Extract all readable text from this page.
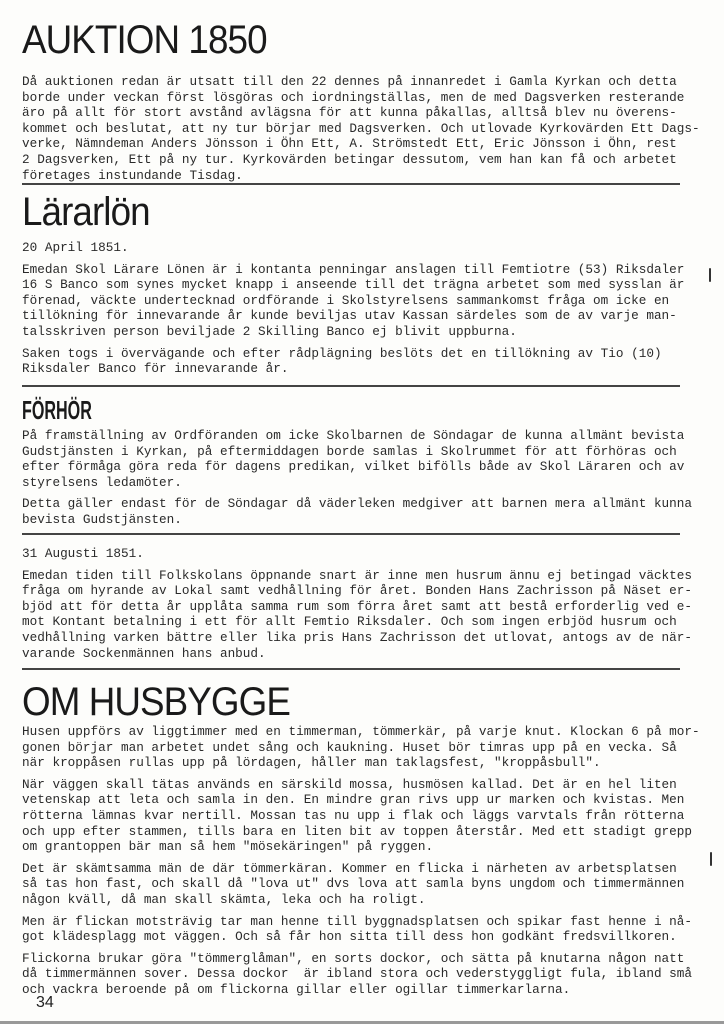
AUKTION 1850
Då auktionen redan är utsatt till den 22 dennes på innanredet i Gamla Kyrkan och detta
borde under veckan först lösgöras och iordningställas, men de med Dagsverken resterande
äro på allt för stort avstånd avlägsna för att kunna påkallas, alltså blev nu överens-
kommet och beslutat, att ny tur börjar med Dagsverken. Och utlovade Kyrkovärden Ett Dags-
verke, Nämndeman Anders Jönsson i Öhn Ett, A. Strömstedt Ett, Eric Jönsson i Öhn, rest
2 Dagsverken, Ett på ny tur. Kyrkovärden betingar dessutom, vem han kan få och arbetet
företages instundande Tisdag.
Lärarlön
20 April 1851.
Emedan Skol Lärare Lönen är i kontanta penningar anslagen till Femtiotre (53) Riksdaler
16 S Banco som synes mycket knapp i anseende till det trägna arbetet som med sysslan är
förenad, väckte undertecknad ordförande i Skolstyrelsens sammankomst fråga om icke en
tillökning för innevarande år kunde beviljas utav Kassan särdeles som de av varje man-
talsskriven person beviljade 2 Skilling Banco ej blivit uppburna.
Saken togs i övervägande och efter rådplägning beslöts det en tillökning av Tio (10)
Riksdaler Banco för innevarande år.
FÖRHÖR
På framställning av Ordföranden om icke Skolbarnen de Söndagar de kunna allmänt bevista
Gudstjänsten i Kyrkan, på eftermiddagen borde samlas i Skolrummet för att förhöras och
efter förmåga göra reda för dagens predikan, vilket bifölls både av Skol Läraren och av
styrelsens ledamöter.
Detta gäller endast för de Söndagar då väderleken medgiver att barnen mera allmänt kunna
bevista Gudstjänsten.
31 Augusti 1851.
Emedan tiden till Folkskolans öppnande snart är inne men husrum ännu ej betingad väcktes
fråga om hyrande av Lokal samt vedhållning för året. Bonden Hans Zachrisson på Näset er-
bjöd att för detta år upplåta samma rum som förra året samt att bestå erforderlig ved e-
mot Kontant betalning i ett för allt Femtio Riksdaler. Och som ingen erbjöd husrum och
vedhållning varken bättre eller lika pris Hans Zachrisson det utlovat, antogs av de när-
varande Sockenmännen hans anbud.
OM HUSBYGGE
Husen uppförs av liggtimmer med en timmerman, tömmerkär, på varje knut. Klockan 6 på mor-
gonen börjar man arbetet undet sång och kaukning. Huset bör timras upp på en vecka. Så
när kroppåsen rullas upp på lördagen, håller man taklagsfest, "kroppåsbull".
När väggen skall tätas används en särskild mossa, husmösen kallad. Det är en hel liten
vetenskap att leta och samla in den. En mindre gran rivs upp ur marken och kvistas. Men
rötterna lämnas kvar nertill. Mossan tas nu upp i flak och läggs varvtals från rötterna
och upp efter stammen, tills bara en liten bit av toppen återstår. Med ett stadigt grepp
om grantoppen bär man så hem "mösekäringen" på ryggen.
Det är skämtsamma män de där tömmerkäran. Kommer en flicka i närheten av arbetsplatsen
så tas hon fast, och skall då "lova ut" dvs lova att samla byns ungdom och timmermännen
någon kväll, då man skall skämta, leka och ha roligt.
Men är flickan motsträvig tar man henne till byggnadsplatsen och spikar fast henne i nå-
got klädesplagg mot väggen. Och så får hon sitta till dess hon godkänt fredsvillkoren.
Flickorna brukar göra "tömmerglåman", en sorts dockor, och sätta på knutarna någon natt
då timmermännen sover. Dessa dockor  är ibland stora och vederstyggligt fula, ibland små
och vackra beroende på om flickorna gillar eller ogillar timmerkarlarna.
34
